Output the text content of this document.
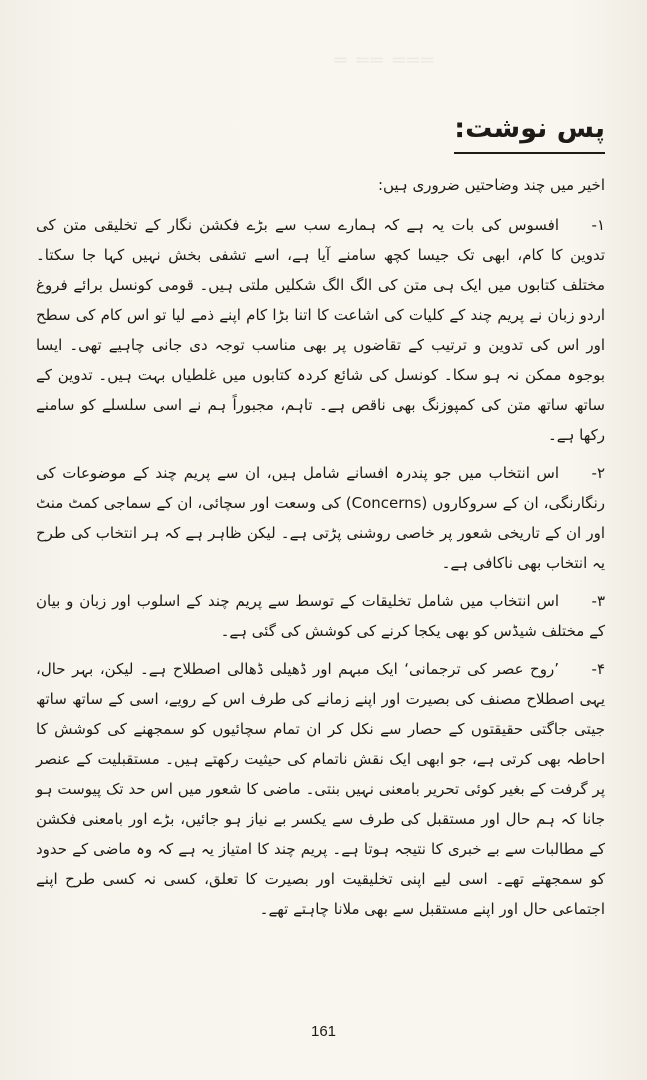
═══ ══ ═
پس نوشت:

اخیر میں چند وضاحتیں ضروری ہیں:

۱-افسوس کی بات یہ ہے کہ ہمارے سب سے بڑے فکشن نگار کے تخلیقی متن کی تدوین کا کام، ابھی تک جیسا کچھ سامنے آیا ہے، اسے تشفی بخش نہیں کہا جا سکتا۔ مختلف کتابوں میں ایک ہی متن کی الگ الگ شکلیں ملتی ہیں۔ قومی کونسل برائے فروغ اردو زبان نے پریم چند کے کلیات کی اشاعت کا اتنا بڑا کام اپنے ذمے لیا تو اس کام کی سطح اور اس کی تدوین و ترتیب کے تقاضوں پر بھی مناسب توجہ دی جانی چاہیے تھی۔ ایسا بوجوہ ممکن نہ ہو سکا۔ کونسل کی شائع کردہ کتابوں میں غلطیاں بہت ہیں۔ تدوین کے ساتھ ساتھ متن کی کمپوزنگ بھی ناقص ہے۔ تاہم، مجبوراً ہم نے اسی سلسلے کو سامنے رکھا ہے۔

۲-اس انتخاب میں جو پندرہ افسانے شامل ہیں، ان سے پریم چند کے موضوعات کی رنگارنگی، ان کے سروکاروں (Concerns) کی وسعت اور سچائی، ان کے سماجی کمٹ منٹ اور ان کے تاریخی شعور پر خاصی روشنی پڑتی ہے۔ لیکن ظاہر ہے کہ ہر انتخاب کی طرح یہ انتخاب بھی ناکافی ہے۔

۳-اس انتخاب میں شامل تخلیقات کے توسط سے پریم چند کے اسلوب اور زبان و بیان کے مختلف شیڈس کو بھی یکجا کرنے کی کوشش کی گئی ہے۔

۴-’روح عصر کی ترجمانی‘ ایک مبہم اور ڈھیلی ڈھالی اصطلاح ہے۔ لیکن، بہر حال، یہی اصطلاح مصنف کی بصیرت اور اپنے زمانے کی طرف اس کے رویے، اسی کے ساتھ ساتھ جیتی جاگتی حقیقتوں کے حصار سے نکل کر ان تمام سچائیوں کو سمجھنے کی کوشش کا احاطہ بھی کرتی ہے، جو ابھی ایک نقش ناتمام کی حیثیت رکھتے ہیں۔ مستقبلیت کے عنصر پر گرفت کے بغیر کوئی تحریر بامعنی نہیں بنتی۔ ماضی کا شعور میں اس حد تک پیوست ہو جانا کہ ہم حال اور مستقبل کی طرف سے یکسر بے نیاز ہو جائیں، بڑے اور بامعنی فکشن کے مطالبات سے بے خبری کا نتیجہ ہوتا ہے۔ پریم چند کا امتیاز یہ ہے کہ وہ ماضی کے حدود کو سمجھتے تھے۔ اسی لیے اپنی تخلیقیت اور بصیرت کا تعلق، کسی نہ کسی طرح اپنے اجتماعی حال اور اپنے مستقبل سے بھی ملانا چاہتے تھے۔

161
